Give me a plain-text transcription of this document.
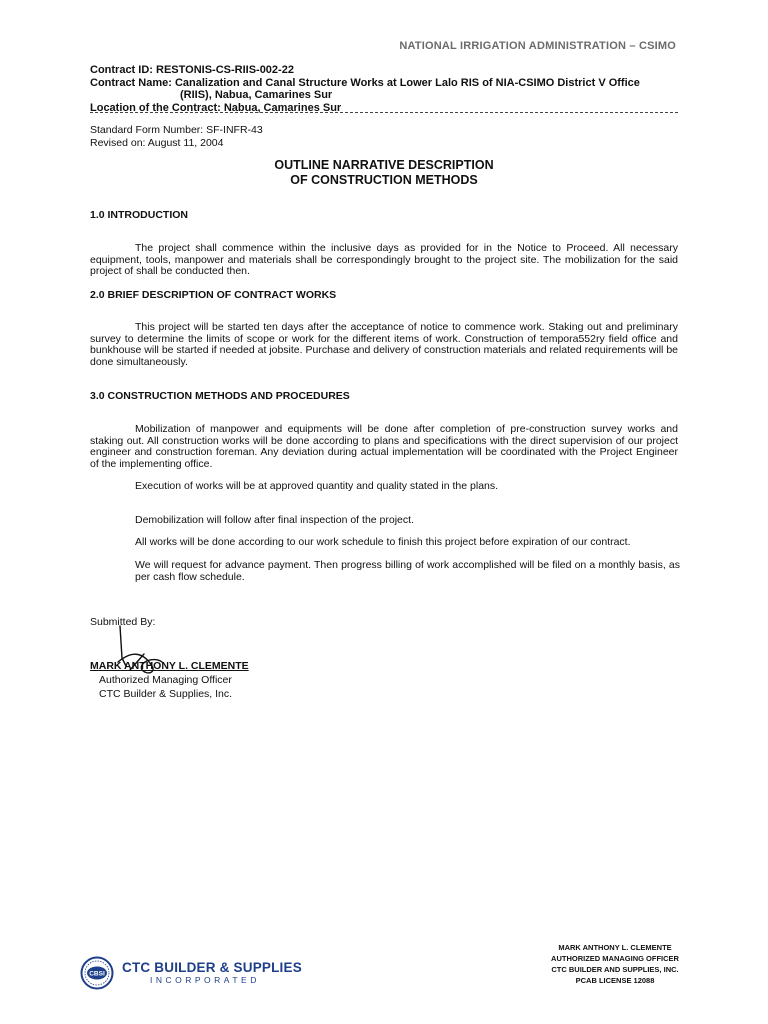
NATIONAL IRRIGATION ADMINISTRATION – CSIMO
Contract ID: RESTONIS-CS-RIIS-002-22
Contract Name: Canalization and Canal Structure Works at Lower Lalo RIS of NIA-CSIMO District V Office
(RIIS), Nabua, Camarines Sur
Location of the Contract: Nabua, Camarines Sur
Standard Form Number: SF-INFR-43
Revised on: August 11, 2004
OUTLINE NARRATIVE DESCRIPTION
OF CONSTRUCTION METHODS
1.0 INTRODUCTION
The project shall commence within the inclusive days as provided for in the Notice to Proceed. All necessary equipment, tools, manpower and materials shall be correspondingly brought to the project site. The mobilization for the said project of shall be conducted then.
2.0 BRIEF DESCRIPTION OF CONTRACT WORKS
This project will be started ten days after the acceptance of notice to commence work. Staking out and preliminary survey to determine the limits of scope or work for the different items of work. Construction of tempora552ry field office and bunkhouse will be started if needed at jobsite. Purchase and delivery of construction materials and related requirements will be done simultaneously.
3.0 CONSTRUCTION METHODS AND PROCEDURES
Mobilization of manpower and equipments will be done after completion of pre-construction survey works and staking out. All construction works will be done according to plans and specifications with the direct supervision of our project engineer and construction foreman. Any deviation during actual implementation will be coordinated with the Project Engineer of the implementing office.
Execution of works will be at approved quantity and quality stated in the plans.
Demobilization will follow after final inspection of the project.
All works will be done according to our work schedule to finish this project before expiration of our contract.
We will request for advance payment. Then progress billing of work accomplished will be filed on a monthly basis, as per cash flow schedule.
Submitted By:
MARK ANTHONY L. CLEMENTE
Authorized Managing Officer
CTC Builder & Supplies, Inc.
CBSI CTC BUILDER & SUPPLIES
INCORPORATED
MARK ANTHONY L. CLEMENTE
AUTHORIZED MANAGING OFFICER
CTC BUILDER AND SUPPLIES, INC.
PCAB LICENSE 12088
